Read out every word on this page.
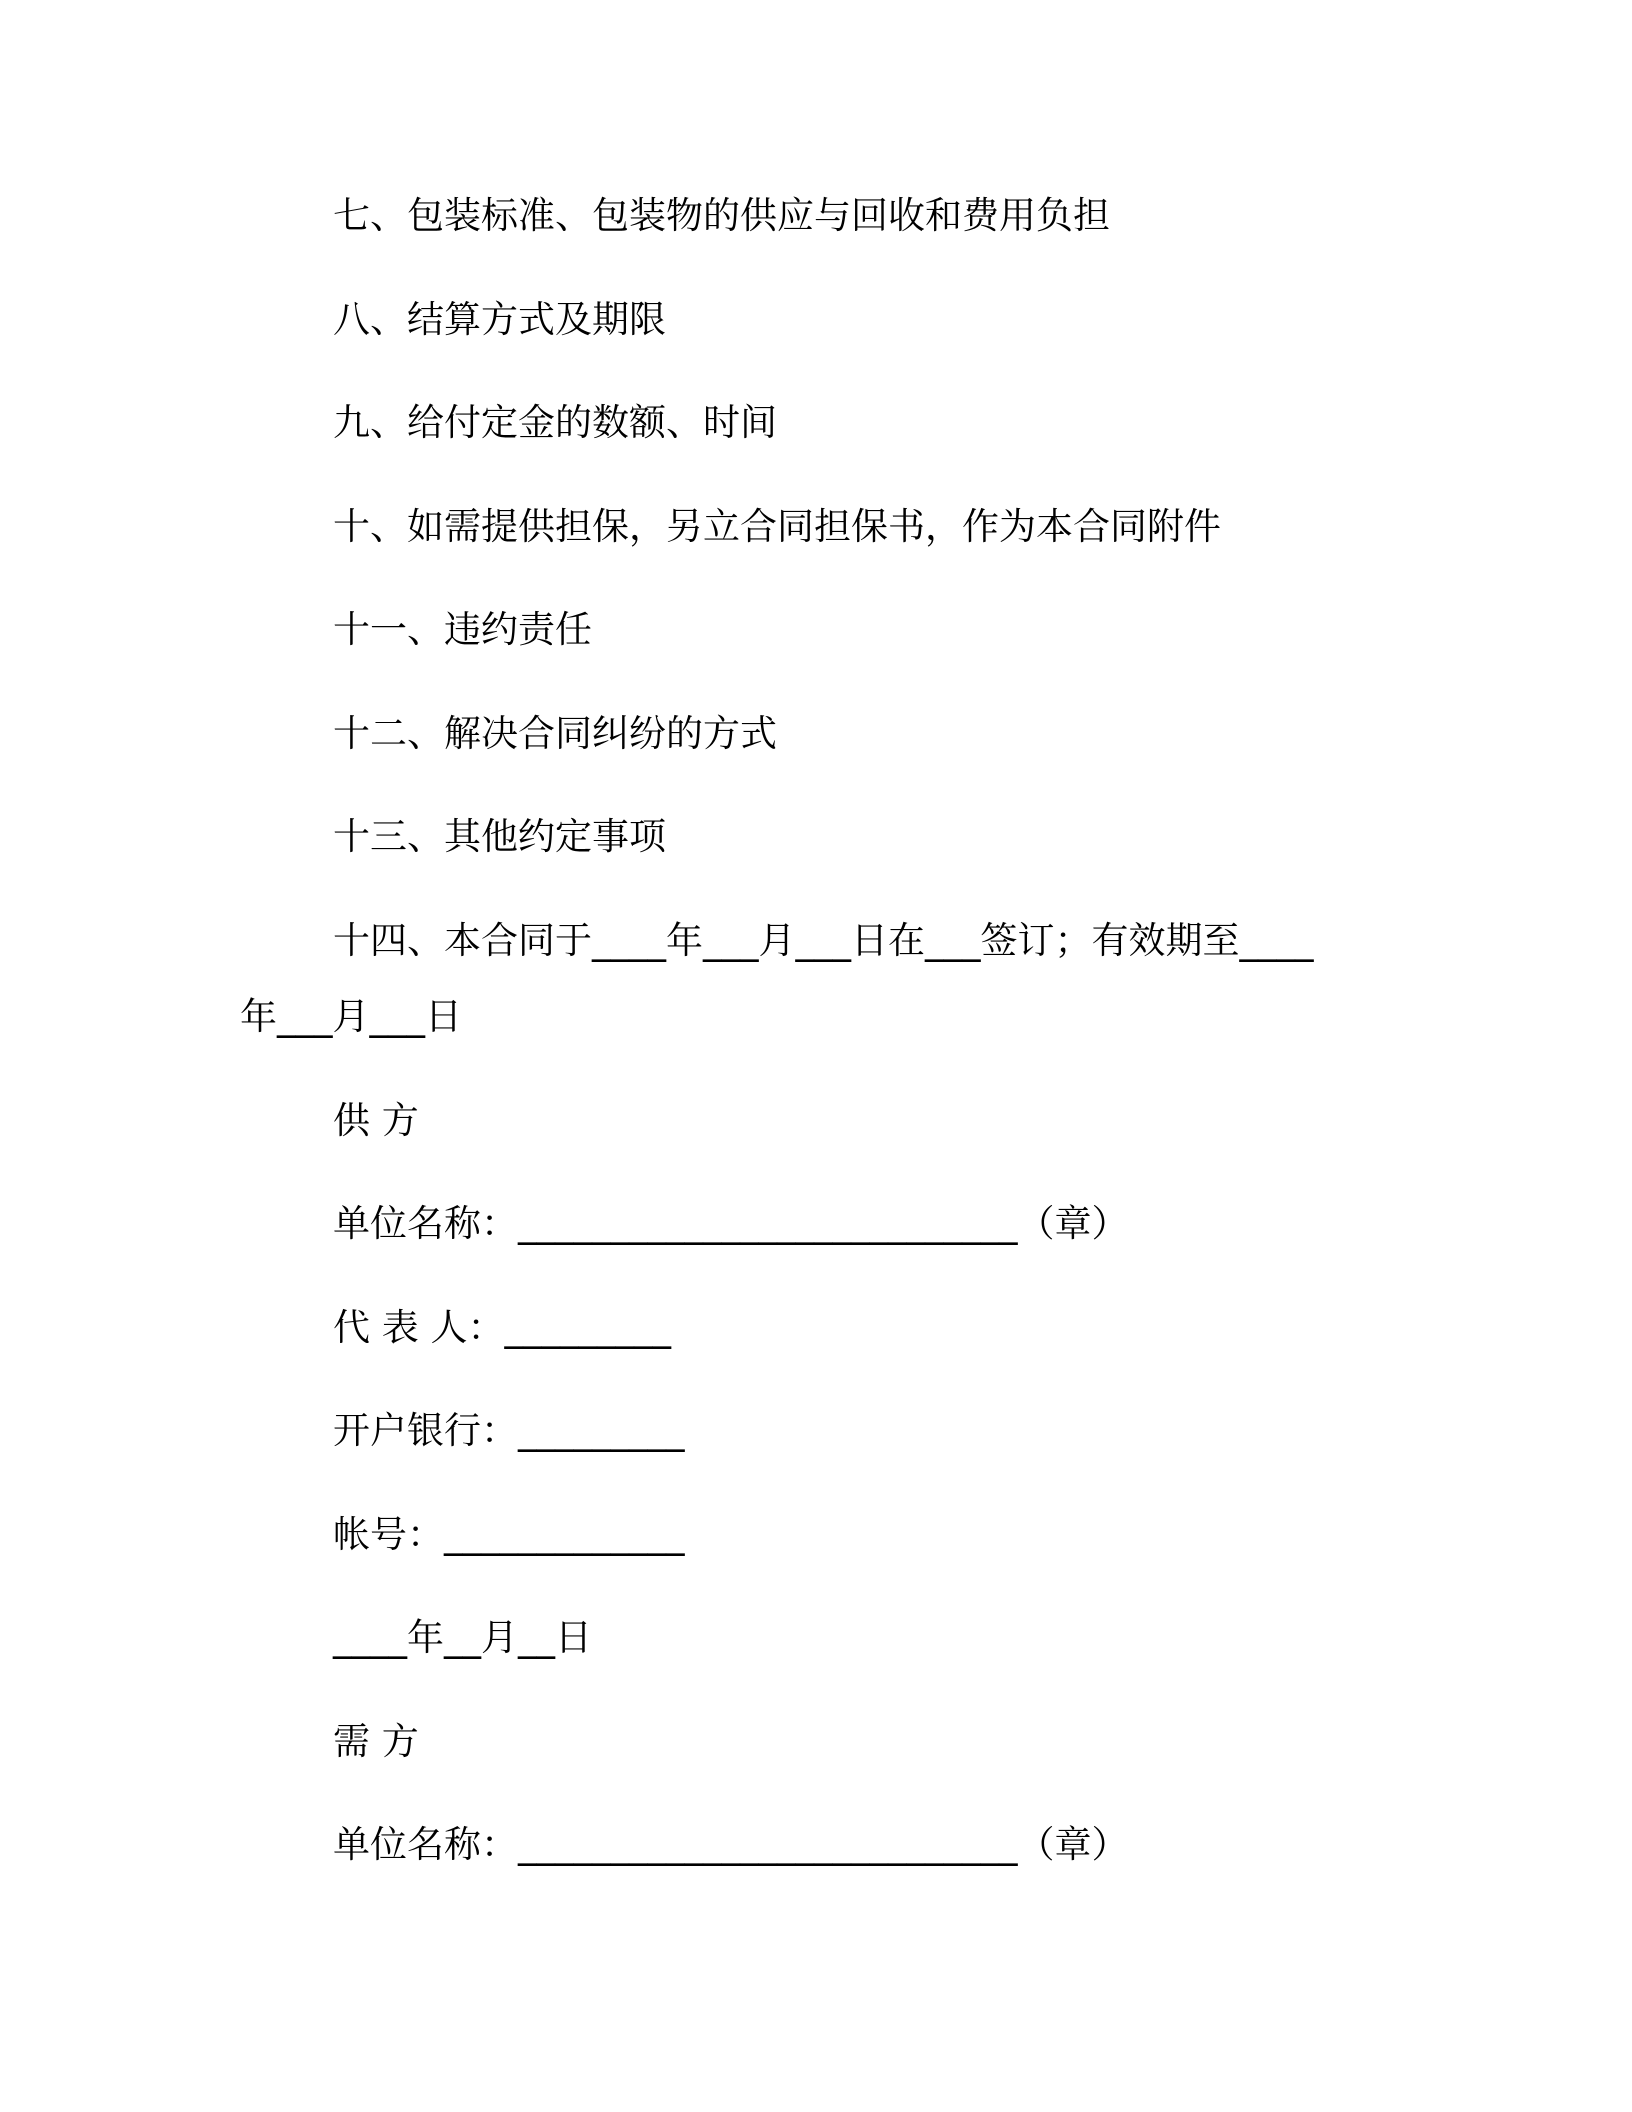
七、包装标准、包装物的供应与回收和费用负担
八、结算方式及期限
九、给付定金的数额、时间
十、如需提供担保，另立合同担保书，作为本合同附件
十一、违约责任
十二、解决合同纠纷的方式
十三、其他约定事项
十四、本合同于____年___月___日在___签订；有效期至____
年___月___日
供 方
单位名称：___________________________（章）
代 表 人：_________
开户银行：_________
帐号：_____________
____年__月__日
需 方
单位名称：___________________________（章）
